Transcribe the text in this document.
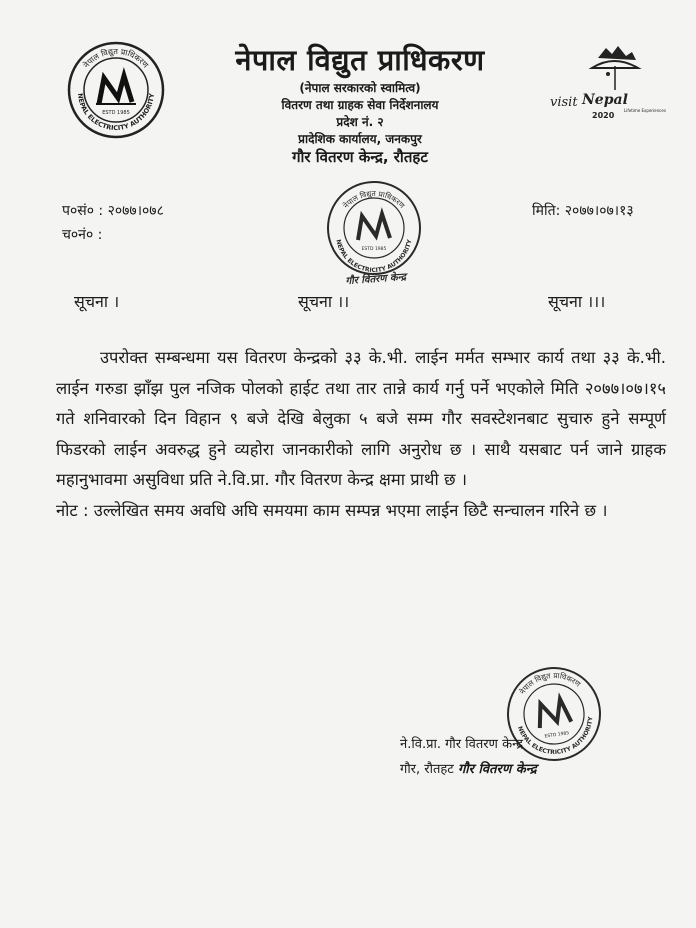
नेपाल विद्युत प्राधिकरण
NEPAL ELECTRICITY AUTHORITY
ESTD 1985

नेपाल विद्युत प्राधिकरण

(नेपाल सरकारको स्वामित्व)

वितरण तथा ग्राहक सेवा निर्देशनालय

प्रदेश नं. २

प्रादेशिक कार्यालय, जनकपुर

गौर वितरण केन्द्र, रौतहट

visit Nepal
2020
Lifetime Experiences
प०सं० : २०७७।०७८
च०नं० :
मिति: २०७७।०७।१३
नेपाल विद्युत प्राधिकरण
NEPAL ELECTRICITY AUTHORITY
ESTD 1985
गौर वितरण केन्द्र
सूचना ।	सूचना ।।	सूचना ।।।

उपरोक्त सम्बन्धमा यस वितरण केन्द्रको ३३ के.भी. लाईन मर्मत सम्भार कार्य तथा ३३ के.भी. लाईन गरुडा झाँझ पुल नजिक पोलको हाईट तथा तार तान्ने कार्य गर्नु पर्ने भएकोले मिति २०७७।०७।१५ गते शनिवारको दिन विहान ९ बजे देखि बेलुका ५ बजे सम्म गौर सवस्टेशनबाट सुचारु हुने सम्पूर्ण फिडरको लाईन अवरुद्ध हुने व्यहोरा जानकारीको लागि अनुरोध छ । साथै यसबाट पर्न जाने ग्राहक महानुभावमा असुविधा प्रति ने.वि.प्रा. गौर वितरण केन्द्र क्षमा प्राथी छ ।

नोट : उल्लेखित समय अवधि अघि समयमा काम सम्पन्न भएमा लाईन छिटै सन्चालन गरिने छ ।

नेपाल विद्युत प्राधिकरण
NEPAL ELECTRICITY AUTHORITY
ESTD 1985

ने.वि.प्रा. गौर वितरण केन्द्र

गौर, रौतहट गौर वितरण केन्द्र
